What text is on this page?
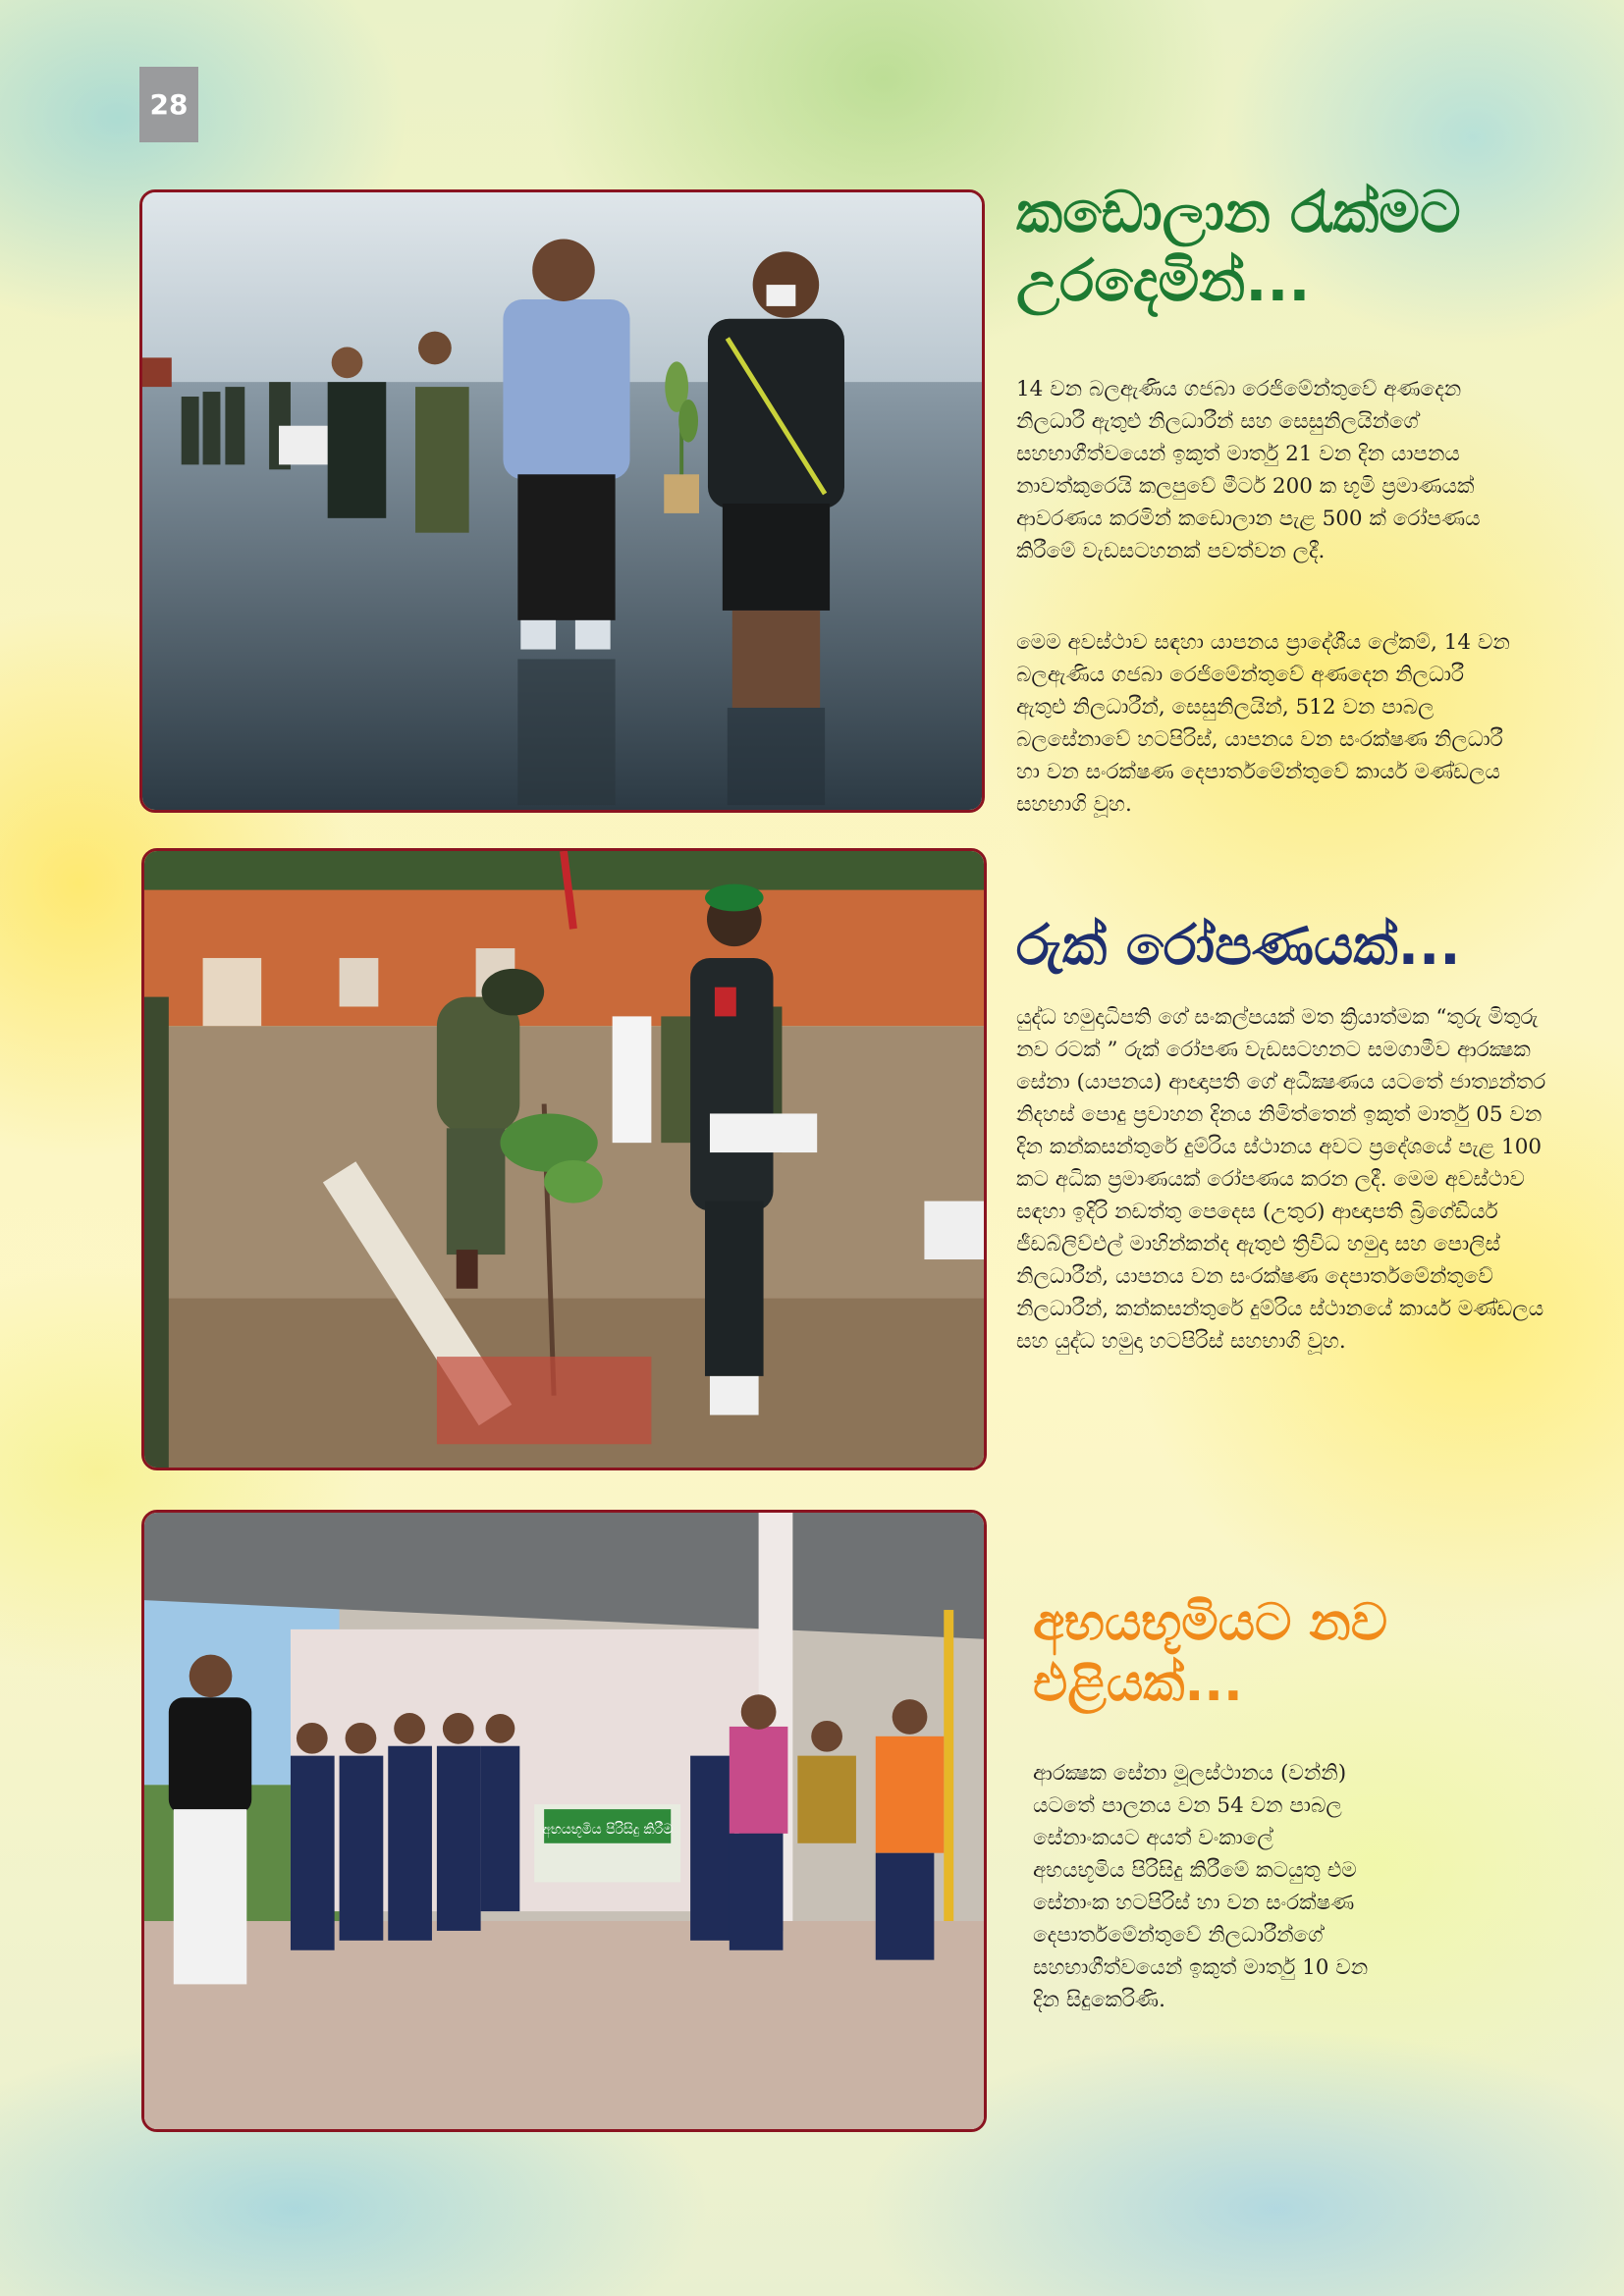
28
කඩොලාන රැක්මට උරදෙමින්...

14 වන බලඇණිය ගජබා රෙජිමේන්තුවේ අණදෙන නිලධාරී ඇතුළු නිලධාරීන් සහ සෙසුනිලයින්ගේ සහභාගීත්වයෙන් ඉකුත් මාර්තු 21 වන දින යාපනය නාවත්කුරෙයි කලපුවේ මීටර් 200 ක භූමි ප්‍රමාණයක් ආවරණය කරමින් කඩොලාන පැළ 500 ක් රෝපණය කිරීමේ වැඩසටහනක් පවත්වන ලදී.

මෙම අවස්ථාව සඳහා යාපනය ප්‍රාදේශීය ලේකම්, 14 වන බලඇණිය ගජබා රෙජිමේන්තුවේ අණදෙන නිලධාරී ඇතුළු නිලධාරීන්, සෙසුනිලයින්, 512 වන පාබල බලසේනාවේ හටපිරිස්, යාපනය වන සංරක්ෂණ නිලධාරී හා වන සංරක්ෂණ දෙපාර්තමේන්තුවේ කාර්ය මණ්ඩලය සහභාගි වූහ.

රුක් රෝපණයක්...

යුද්ධ හමුදාධිපති ගේ සංකල්පයක් මත ක්‍රියාත්මක “තුරු මිතුරු නව රටක් ” රුක් රෝපණ වැඩසටහනට සමගාමීව ආරක්‍ෂක සේනා (යාපනය) ආඥාපති ගේ අධීක්‍ෂණය යටතේ ජාත්‍යන්තර නිදහස් පොදු ප්‍රවාහන දිනය නිමිත්තෙන් ඉකුත් මාර්තු 05 වන දින කන්කසන්තුරේ දුම්රිය ස්ථානය අවට ප්‍රදේශයේ පැළ 100 කට අධික ප්‍රමාණයක් රෝපණය කරන ලදී. මෙම අවස්ථාව සඳහා ඉදිරි නඩත්තු පෙදෙස (උතුර) ආඥාපති බ්‍රිගේඩියර් ජීඩබ්ලිව්එල් මාහින්කන්ද ඇතුළු ත්‍රිවිධ හමුදා සහ පොලිස් නිලධාරීන්, යාපනය වන සංරක්ෂණ දෙපාර්තමේන්තුවේ නිලධාරීන්, කන්කසන්තුරේ දුම්රිය ස්ථානයේ කාර්ය මණ්ඩලය සහ යුද්ධ හමුදා හටපිරිස් සහභාගි වූහ.

අභයභූමිය පිරිසිදු කිරීම
අභයභූමියට නව එළියක්...

ආරක්‍ෂක සේනා මූලස්ථානය (වන්නි) යටතේ පාලනය වන 54 වන පාබල සේනාංකයට අයත් වංකාලේ අභයභූමිය පිරිසිදු කිරීමේ කටයුතු එම සේනාංක හටපිරිස් හා වන සංරක්ෂණ දෙපාර්තමේන්තුවේ නිලධාරීන්ගේ සහභාගීත්වයෙන් ඉකුත් මාර්තු 10 වන දින සිදුකෙරිණි.
